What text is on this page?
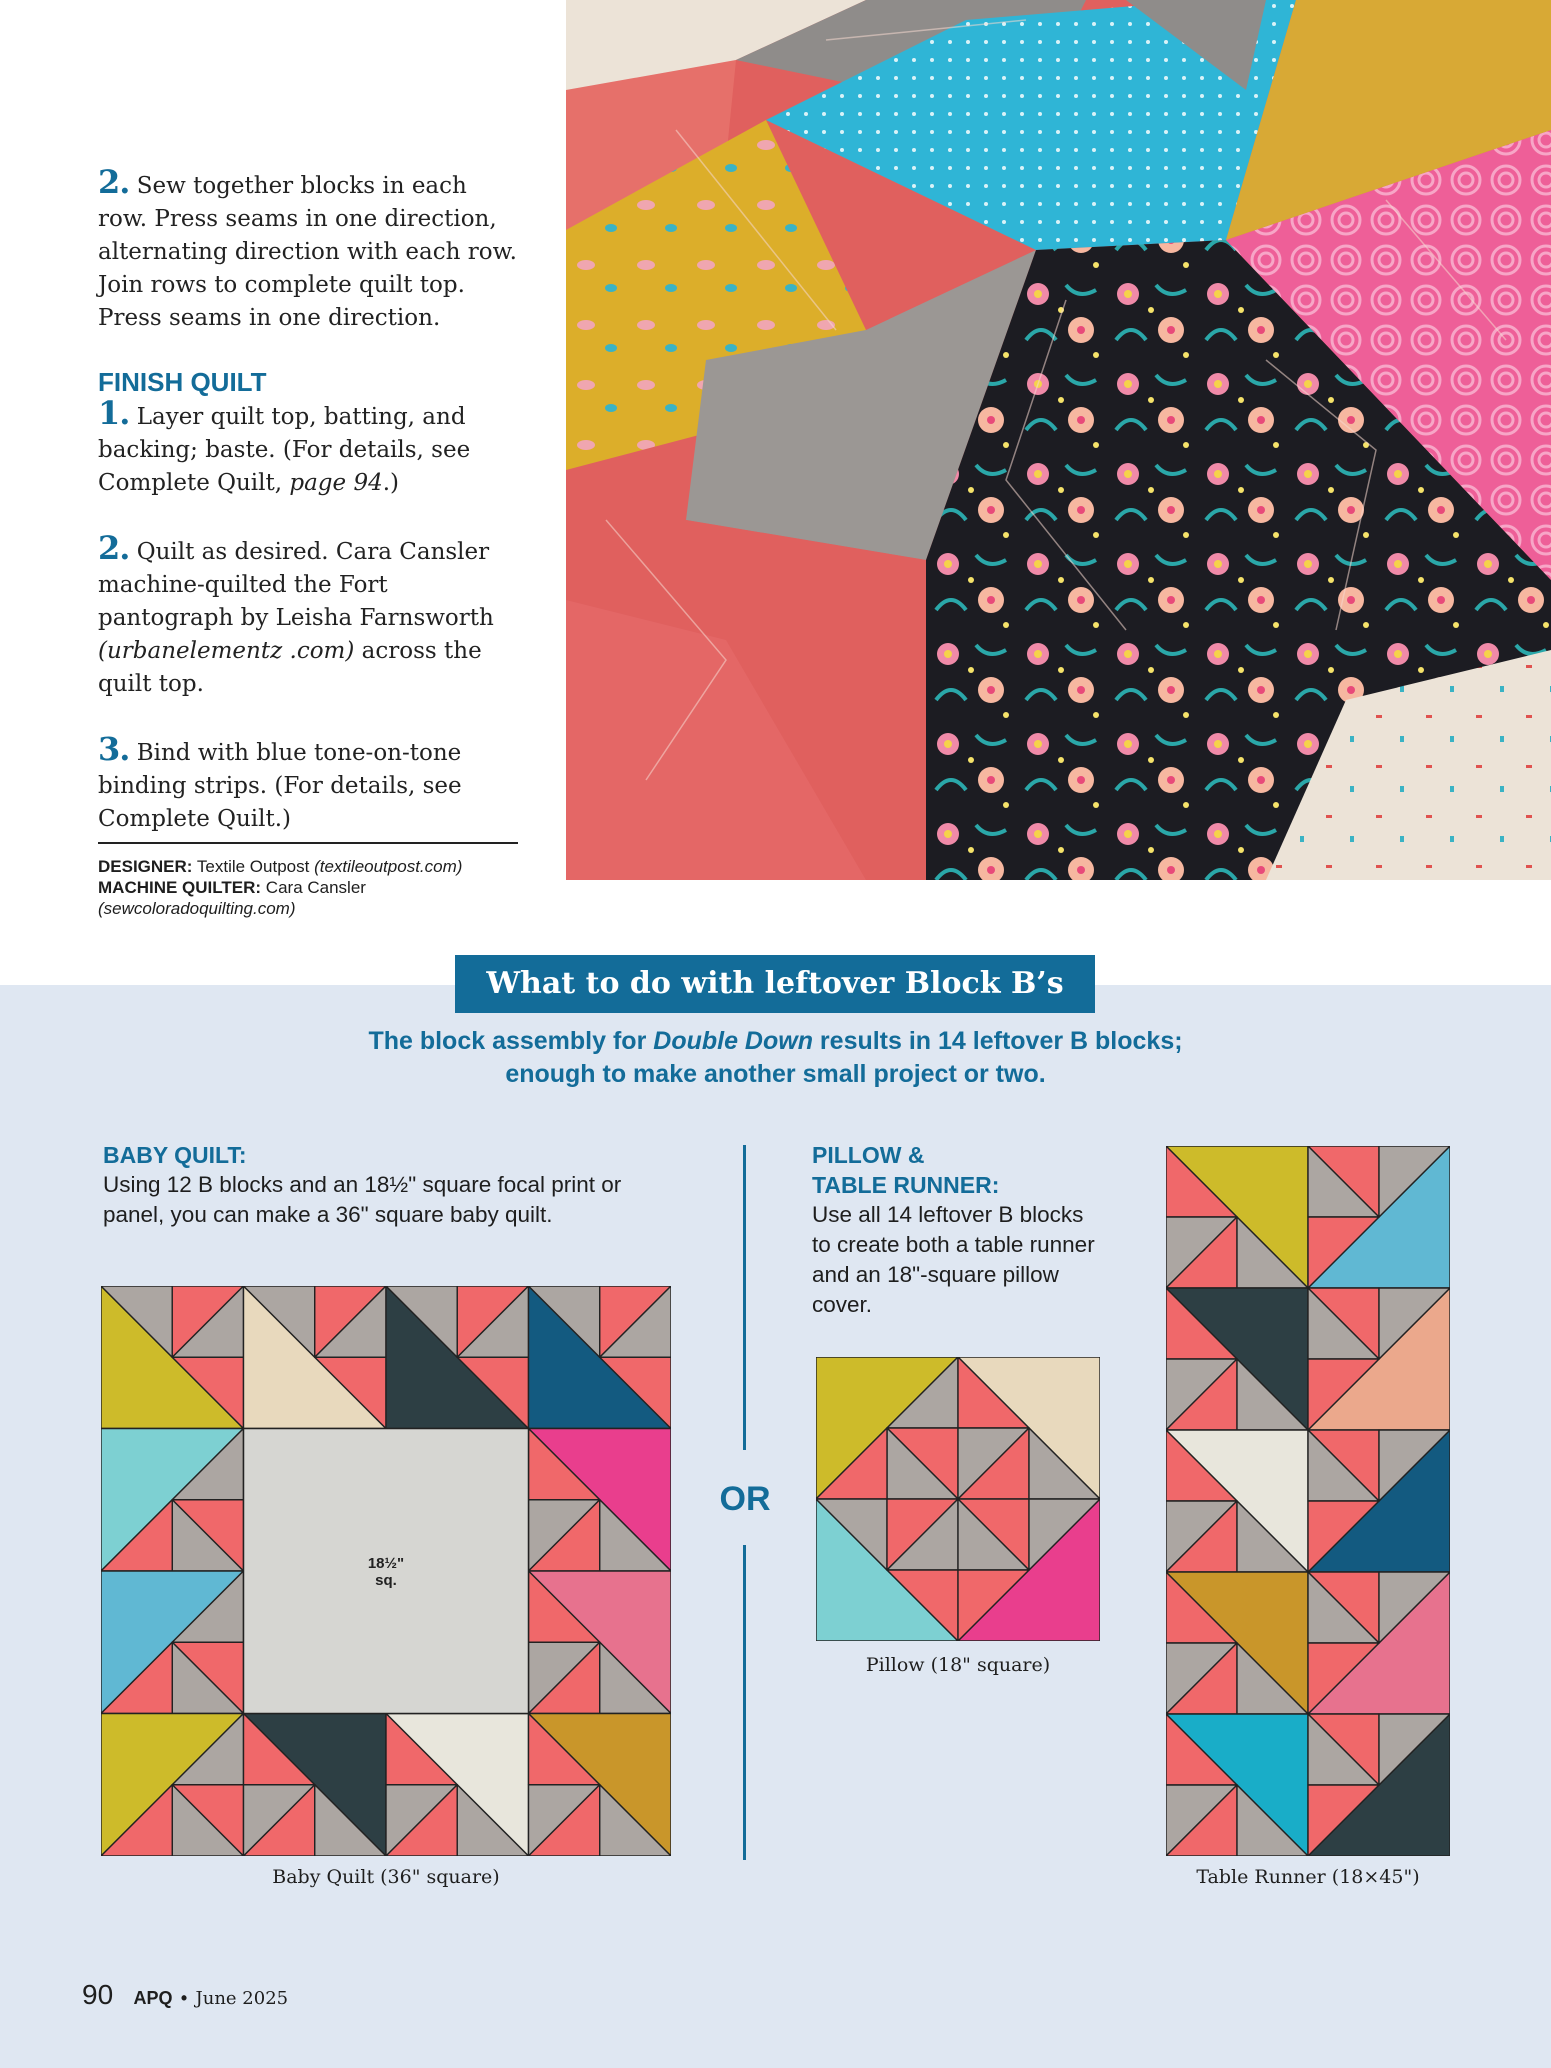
2. Sew together blocks in each row. Press seams in one direction, alternating direction with each row. Join rows to complete quilt top. Press seams in one direction.

FINISH QUILT

1. Layer quilt top, batting, and backing; baste. (For details, see Complete Quilt, page 94.)

2. Quilt as desired. Cara Cansler machine-quilted the Fort pantograph by Leisha Farnsworth (urbanelementz .com) across the quilt top.

3. Bind with blue tone-on-tone binding strips. (For details, see Complete Quilt.)

DESIGNER: Textile Outpost (textileoutpost.com)
MACHINE QUILTER: Cara Cansler
(sewcoloradoquilting.com)
What to do with leftover Block B’s
The block assembly for Double Down results in 14 leftover B blocks;
enough to make another small project or two.
BABY QUILT:
Using 12 B blocks and an 18½" square focal print or panel, you can make a 36" square baby quilt.
PILLOW &
TABLE RUNNER:
Use all 14 leftover B blocks to create both a table runner and an 18"-square pillow cover.
OR
18½"
sq.
Baby Quilt (36" square)
Pillow (18" square)
Table Runner (18×45")
90 APQ • June 2025
